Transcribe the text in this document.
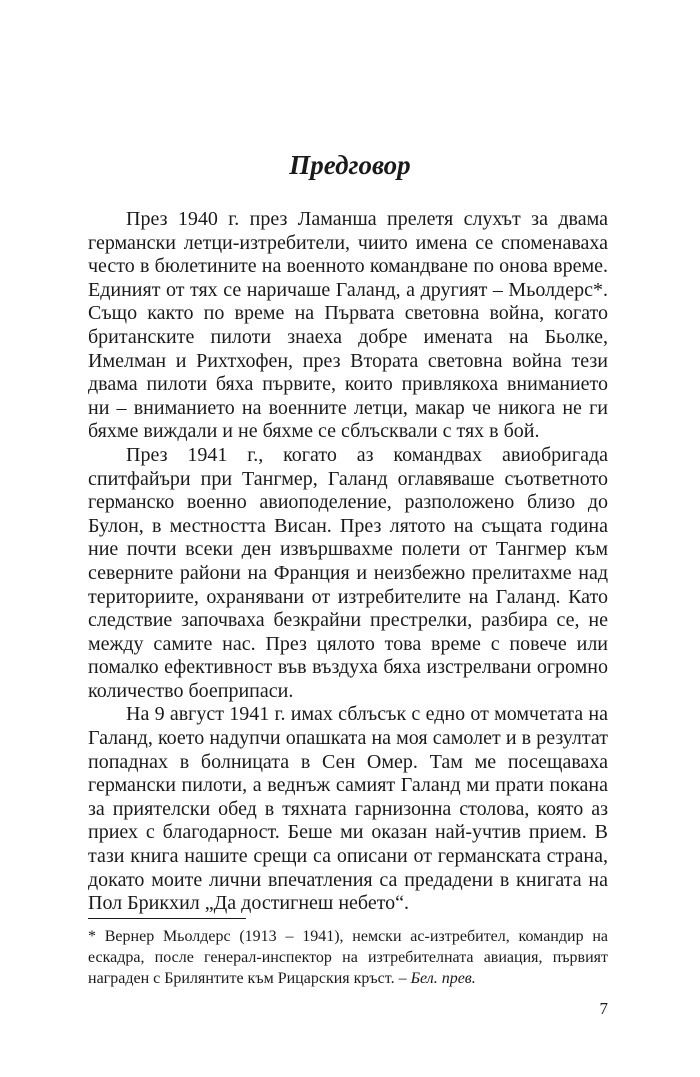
Предговор

През 1940 г. през Ламанша прелетя слухът за двама германски летци-изтребители, чиито имена се споменаваха често в бюлетините на военното командване по онова време. Единият от тях се наричаше Галанд, а другият – Мьолдерс*. Също както по време на Първата световна война, когато британските пилоти знаеха добре имената на Бьолке, Имелман и Рихтхофен, през Втората световна война тези двама пилоти бяха първите, които привлякоха вниманието ни – вниманието на военните летци, макар че никога не ги бяхме виждали и не бяхме се сблъсквали с тях в бой.

През 1941 г., когато аз командвах авиобригада спитфайъри при Тангмер, Галанд оглавяваше съответното германско военно авиоподеление, разположено близо до Булон, в местността Висан. През лятото на същата година ние почти всеки ден извършвахме полети от Тангмер към северните райони на Франция и неизбежно прелитахме над териториите, охранявани от изтребителите на Галанд. Като следствие започваха безкрайни престрелки, разбира се, не между самите нас. През цялото това време с повече или помалко ефективност във въздуха бяха изстрелвани огромно количество боеприпаси.

На 9 август 1941 г. имах сблъсък с едно от момчетата на Галанд, което надупчи опашката на моя самолет и в резултат попаднах в болницата в Сен Омер. Там ме посещаваха германски пилоти, а веднъж самият Галанд ми прати покана за приятелски обед в тяхната гарнизонна столова, която аз приех с благодарност. Беше ми оказан най-учтив прием. В тази книга нашите срещи са описани от германската страна, докато моите лични впечатления са предадени в книгата на Пол Брикхил „Да достигнеш небето“.

* Вернер Мьолдерс (1913 – 1941), немски ас-изтребител, командир на ескадра, после генерал-инспектор на изтребителната авиация, първият награден с Брилянтите към Рицарския кръст. – Бел. прев.

7
